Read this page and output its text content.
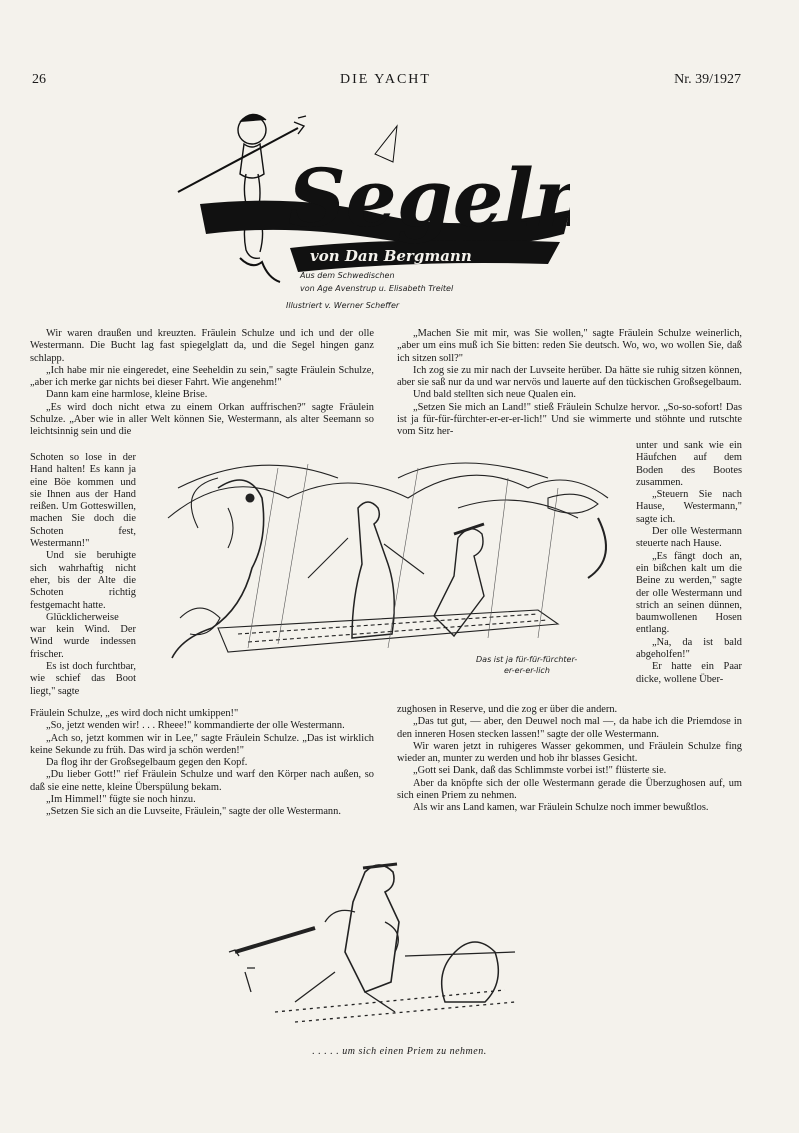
26	DIE YACHT	Nr. 39/1927
Segeln
von Dan Bergmann
Aus dem Schwedischen
von Age Avenstrup u. Elisabeth Treitel
Illustriert v. Werner Scheffer

Wir waren draußen und kreuzten. Fräulein Schulze und ich und der olle Westermann. Die Bucht lag fast spiegelglatt da, und die Segel hingen ganz schlapp.

„Ich habe mir nie eingeredet, eine Seeheldin zu sein," sagte Fräulein Schulze, „aber ich merke gar nichts bei dieser Fahrt. Wie angenehm!"

Dann kam eine harmlose, kleine Brise.

„Es wird doch nicht etwa zu einem Orkan auffrischen?" sagte Fräulein Schulze. „Aber wie in aller Welt können Sie, Westermann, als alter Seemann so leichtsinnig sein und die

Schoten so lose in der Hand halten! Es kann ja eine Böe kommen und sie Ihnen aus der Hand reißen. Um Gotteswillen, machen Sie doch die Schoten fest, Westermann!"

Und sie beruhigte sich wahrhaftig nicht eher, bis der Alte die Schoten richtig festgemacht hatte.

Glücklicherweise war kein Wind. Der Wind wurde indessen frischer.

Es ist doch furchtbar, wie schief das Boot liegt," sagte

Fräulein Schulze, „es wird doch nicht umkippen!"

„So, jetzt wenden wir! . . . Rheee!" kommandierte der olle Westermann.

„Ach so, jetzt kommen wir in Lee," sagte Fräulein Schulze. „Das ist wirklich keine Sekunde zu früh. Das wird ja schön werden!"

Da flog ihr der Großsegelbaum gegen den Kopf.

„Du lieber Gott!" rief Fräulein Schulze und warf den Körper nach außen, so daß sie eine nette, kleine Überspülung bekam.

„Im Himmel!" fügte sie noch hinzu.

„Setzen Sie sich an die Luvseite, Fräulein," sagte der olle Westermann.

„Machen Sie mit mir, was Sie wollen," sagte Fräulein Schulze weinerlich, „aber um eins muß ich Sie bitten: reden Sie deutsch. Wo, wo, wo wollen Sie, daß ich sitzen soll?"

Ich zog sie zu mir nach der Luvseite herüber. Da hätte sie ruhig sitzen können, aber sie saß nur da und war nervös und lauerte auf den tückischen Großsegelbaum.

Und bald stellten sich neue Qualen ein.

„Setzen Sie mich an Land!" stieß Fräulein Schulze hervor. „So-so-sofort! Das ist ja für-für-fürchter-er-er-er-lich!" Und sie wimmerte und stöhnte und rutschte vom Sitz her-

unter und sank wie ein Häufchen auf dem Boden des Bootes zusammen.

„Steuern Sie nach Hause, Westermann," sagte ich.

Der olle Westermann steuerte nach Hause.

„Es fängt doch an, ein bißchen kalt um die Beine zu werden," sagte der olle Westermann und strich an seinen dünnen, baumwollenen Hosen entlang.

„Na, da ist bald abgeholfen!"

Er hatte ein Paar dicke, wollene Über-

zughosen in Reserve, und die zog er über die andern.

„Das tut gut, — aber, den Deuwel noch mal —, da habe ich die Priemdose in den inneren Hosen stecken lassen!" sagte der olle Westermann.

Wir waren jetzt in ruhigeres Wasser gekommen, und Fräulein Schulze fing wieder an, munter zu werden und hob ihr blasses Gesicht.

„Gott sei Dank, daß das Schlimmste vorbei ist!" flüsterte sie.

Aber da knöpfte sich der olle Westermann gerade die Überzughosen auf, um sich einen Priem zu nehmen.

Als wir ans Land kamen, war Fräulein Schulze noch immer bewußtlos.

Das ist ja für-für-fürchter-
er-er-er-lich
. . . . . um sich einen Priem zu nehmen.
